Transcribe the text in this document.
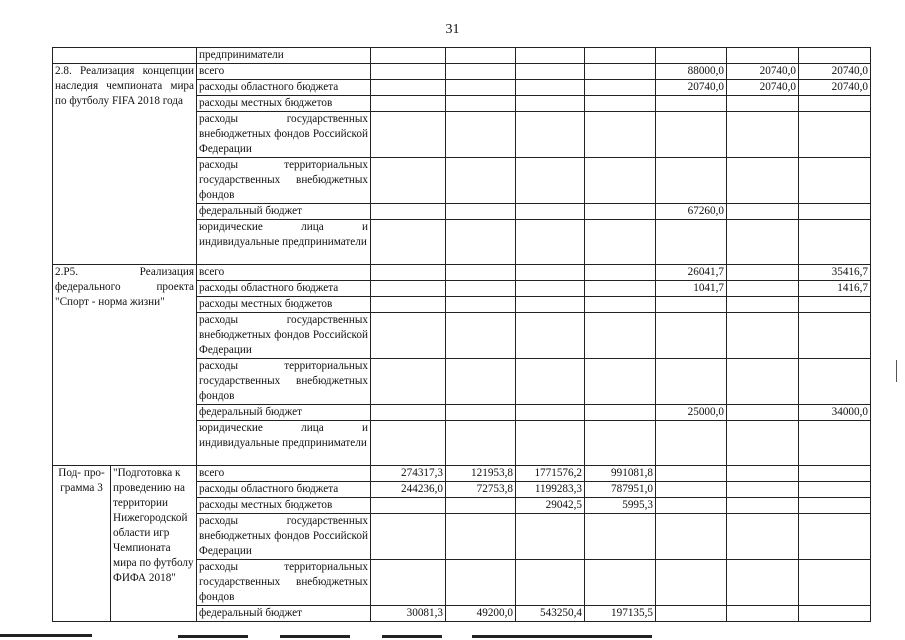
31
		предприниматели							
2.8. Реализация концепции наследия чемпионата мира по футболу FIFA 2018 года		всего					88000,0	20740,0	20740,0
		расходы областного бюджета					20740,0	20740,0	20740,0
		расходы местных бюджетов							
		расходы государственных внебюджетных фондов Российской Федерации							
		расходы территориальных государственных внебюджетных фондов							
		федеральный бюджет					67260,0		
		юридические лица и индивидуальные предприниматели							
2.Р5. Реализация федерального проекта "Спорт - норма жизни"		всего					26041,7		35416,7
		расходы областного бюджета					1041,7		1416,7
		расходы местных бюджетов							
		расходы государственных внебюджетных фондов Российской Федерации							
		расходы территориальных государственных внебюджетных фондов							
		федеральный бюджет					25000,0		34000,0
		юридические лица и индивидуальные предприниматели							
Под- про- грамма 3	"Подготовка к проведению на территории Нижегородской области игр Чемпионата мира по футболу ФИФА 2018"	всего	274317,3	121953,8	1771576,2	991081,8			
		расходы областного бюджета	244236,0	72753,8	1199283,3	787951,0			
		расходы местных бюджетов			29042,5	5995,3			
		расходы государственных внебюджетных фондов Российской Федерации							
		расходы территориальных государственных внебюджетных фондов							
		федеральный бюджет	30081,3	49200,0	543250,4	197135,5			
